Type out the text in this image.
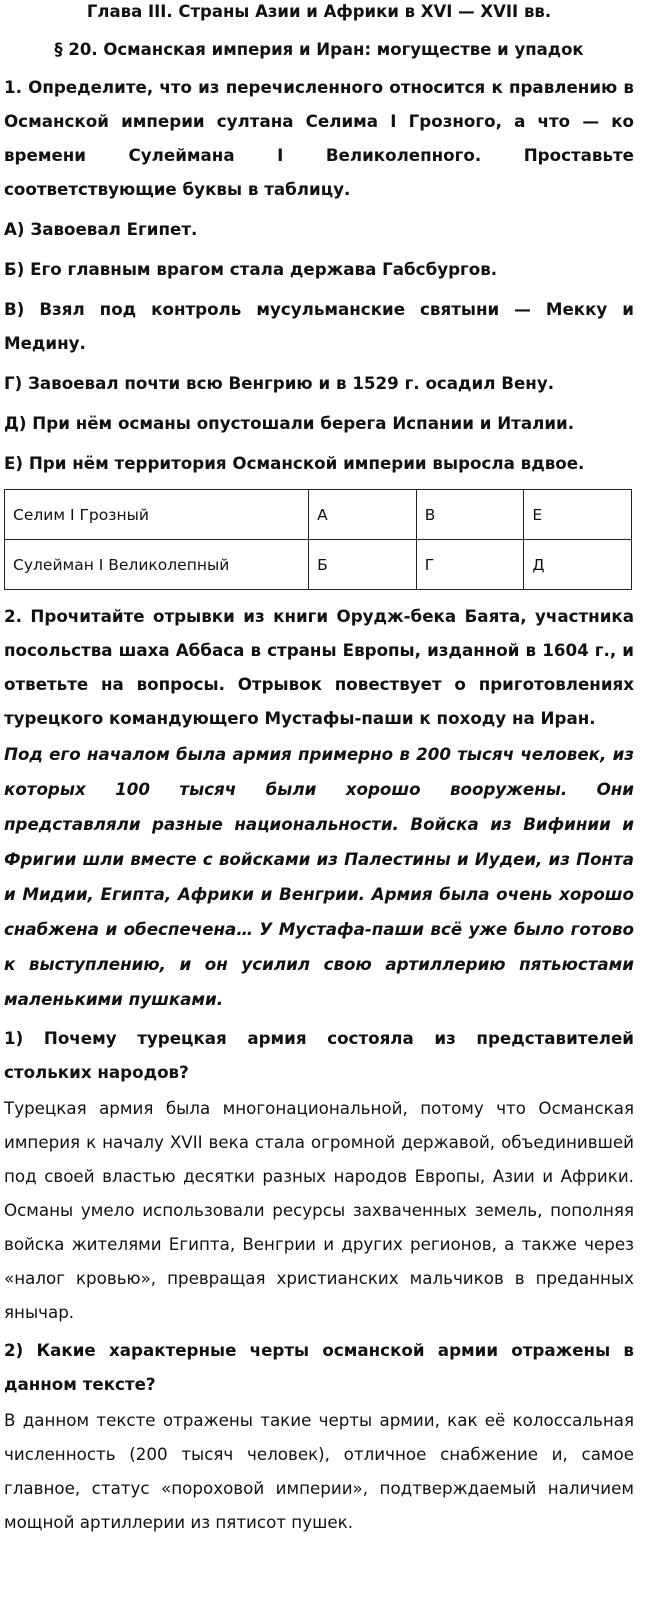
Глава III. Страны Азии и Африки в XVI — XVII вв.

§ 20. Османская империя и Иран: могуществе и упадок

1. Определите, что из перечисленного относится к правлению в Османской империи султана Селима I Грозного, а что — ко времени Сулеймана I Великолепного. Проставьте соответствующие буквы в таблицу.

А) Завоевал Египет.

Б) Его главным врагом стала держава Габсбургов.

В) Взял под контроль мусульманские святыни — Мекку и Медину.

Г) Завоевал почти всю Венгрию и в 1529 г. осадил Вену.

Д) При нём османы опустошали берега Испании и Италии.

Е) При нём территория Османской империи выросла вдвое.

Селим I Грозный	А	В	Е
Сулейман I Великолепный	Б	Г	Д

2. Прочитайте отрывки из книги Орудж-бека Баята, участника посольства шаха Аббаса в страны Европы, изданной в 1604 г., и ответьте на вопросы. Отрывок повествует о приготовлениях турецкого командующего Мустафы-паши к походу на Иран.

Под его началом была армия примерно в 200 тысяч человек, из которых 100 тысяч были хорошо вооружены. Они представляли разные национальности. Войска из Вифинии и Фригии шли вместе с войсками из Палестины и Иудеи, из Понта и Мидии, Египта, Африки и Венгрии. Армия была очень хорошо снабжена и обеспечена… У Мустафа-паши всё уже было готово к выступлению, и он усилил свою артиллерию пятьюстами маленькими пушками.

1) Почему турецкая армия состояла из представителей стольких народов?

Турецкая армия была многонациональной, потому что Османская империя к началу XVII века стала огромной державой, объединившей под своей властью десятки разных народов Европы, Азии и Африки. Османы умело использовали ресурсы захваченных земель, пополняя войска жителями Египта, Венгрии и других регионов, а также через «налог кровью», превращая христианских мальчиков в преданных янычар.

2) Какие характерные черты османской армии отражены в данном тексте?

В данном тексте отражены такие черты армии, как её колоссальная численность (200 тысяч человек), отличное снабжение и, самое главное, статус «пороховой империи», подтверждаемый наличием мощной артиллерии из пятисот пушек.
